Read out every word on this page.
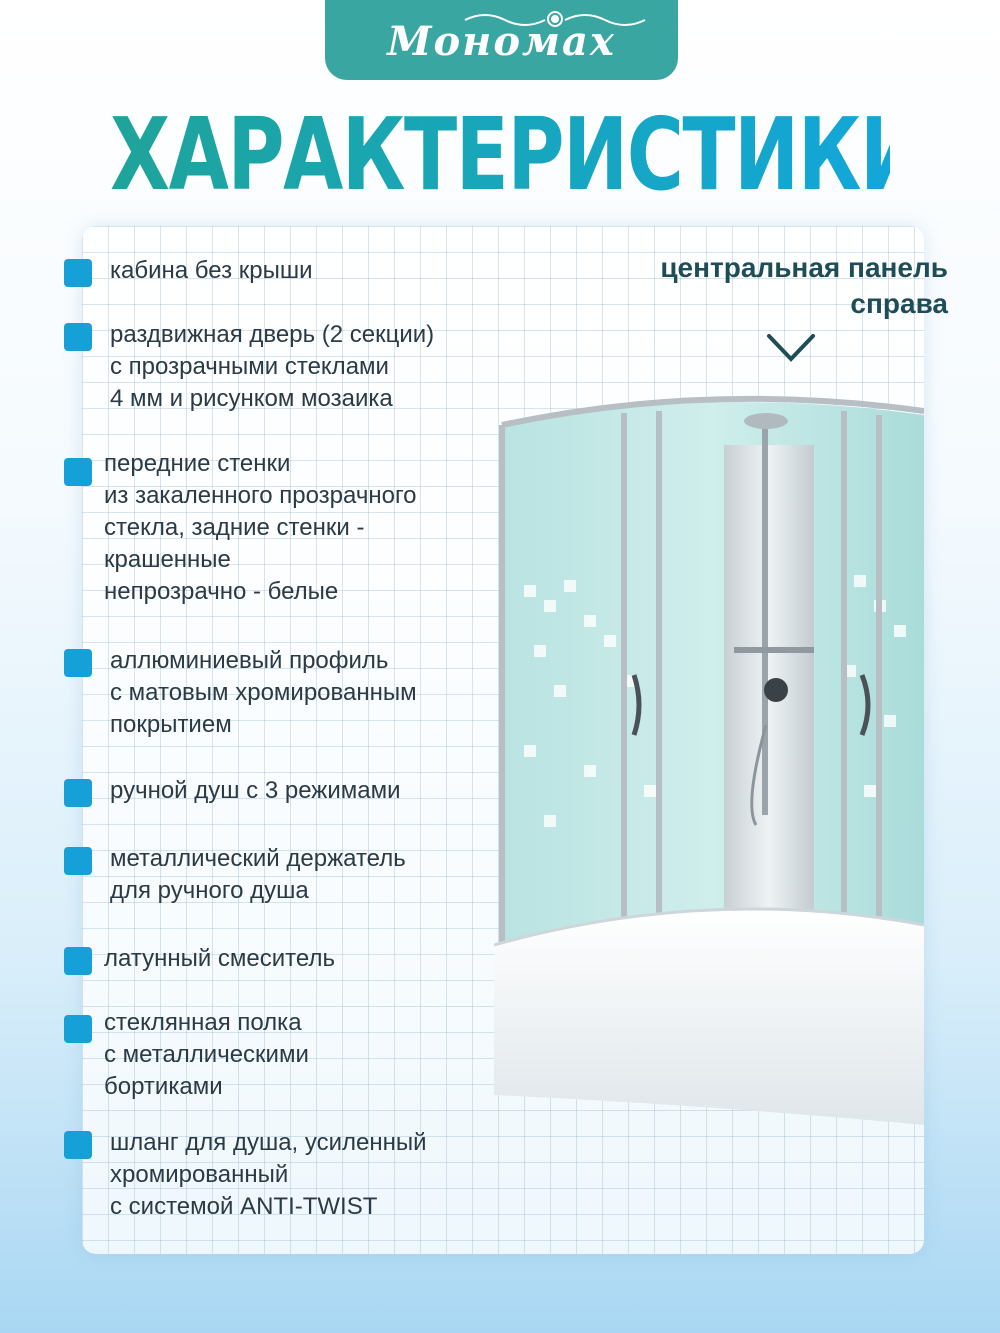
Мономах
ХАРАКТЕРИСТИКИ
центральная панель
справа
кабина без крыши
раздвижная дверь (2 секции)
с прозрачными стеклами
4 мм и рисунком мозаика
передние стенки
из закаленного прозрачного
стекла, задние стенки -
крашенные
непрозрачно - белые
аллюминиевый профиль
с матовым хромированным
покрытием
ручной душ с 3 режимами
металлический держатель
для ручного душа
латунный смеситель
стеклянная полка
с металлическими
бортиками
шланг для душа, усиленный
хромированный
с системой ANTI-TWIST
